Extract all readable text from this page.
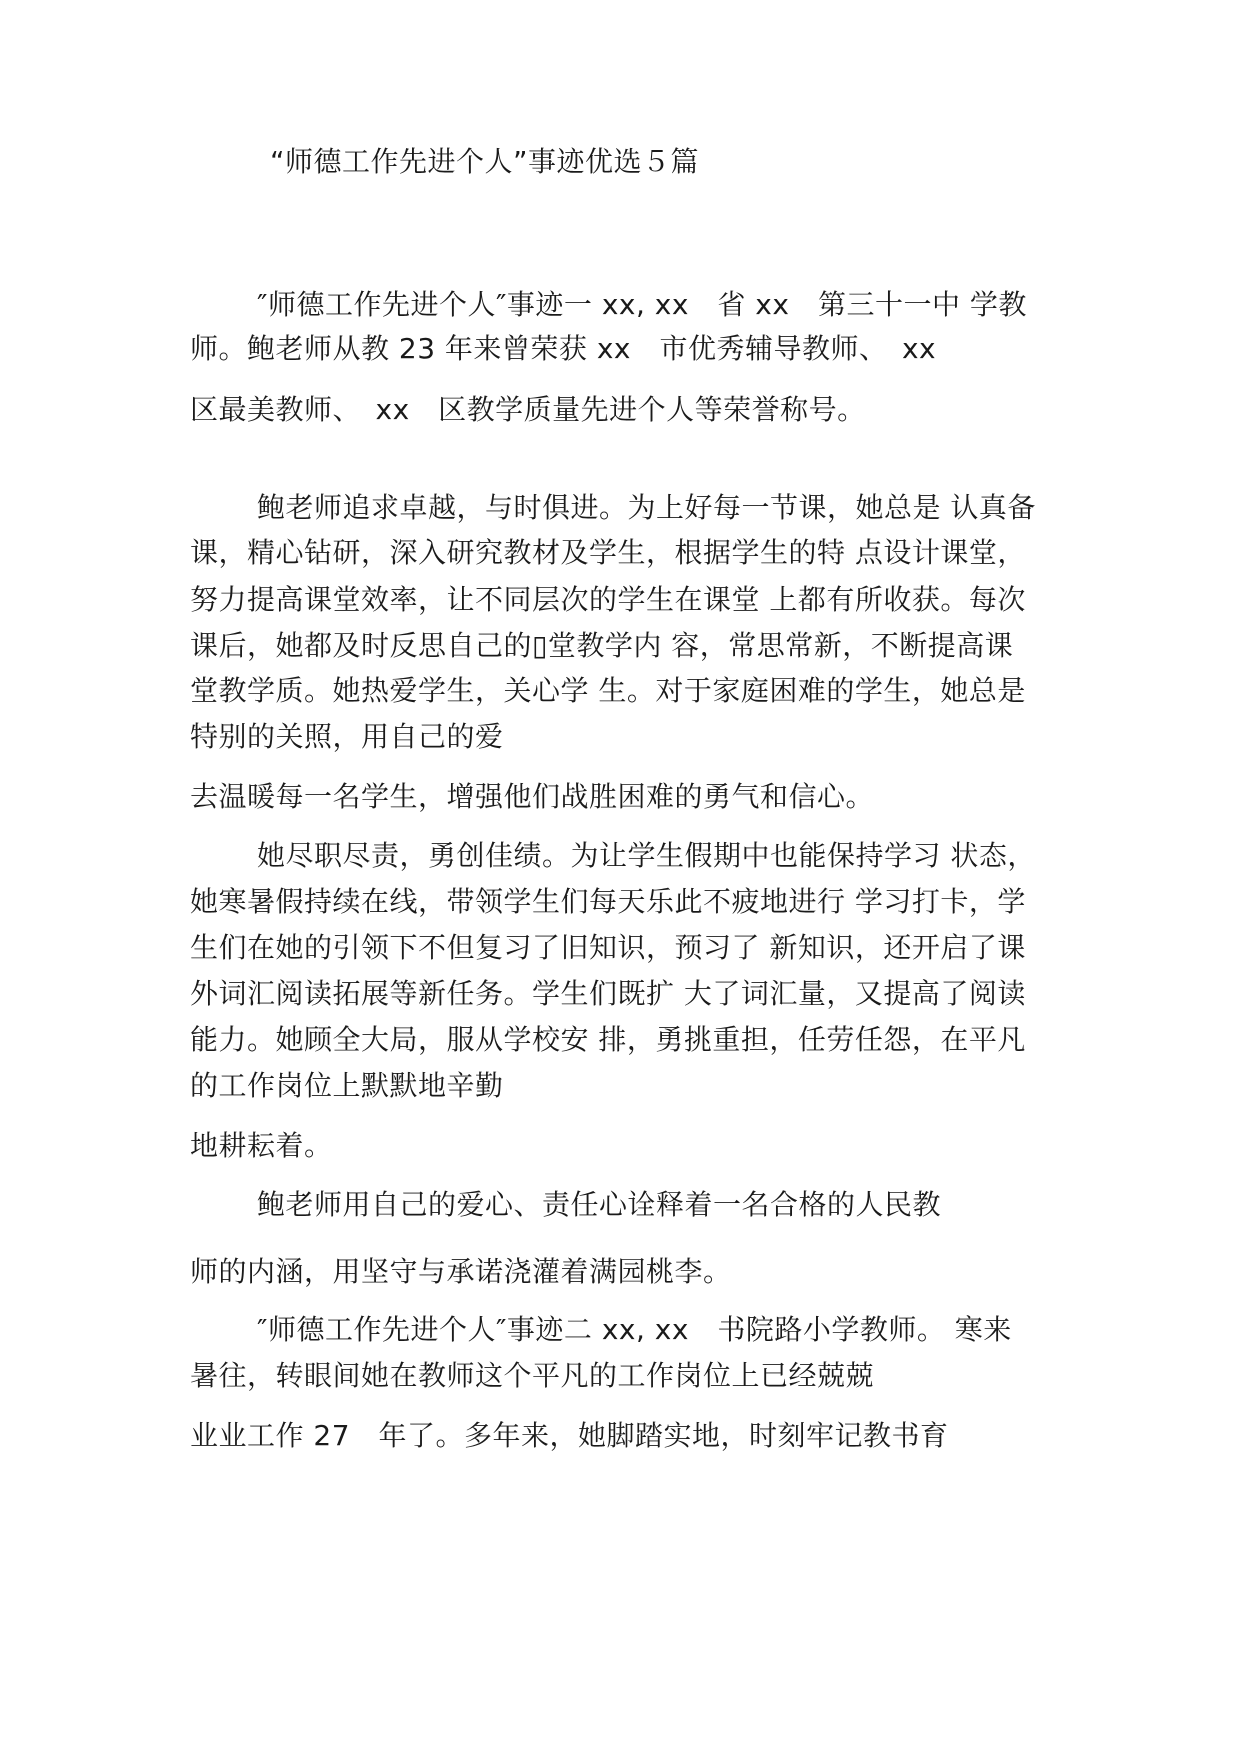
“师德工作先进个人”事迹优选５篇
″师德工作先进个人″事迹一 xx, xx　省 xx　第三十一中 学教
师。鲍老师从教 23 年来曾荣获 xx　市优秀辅导教师、　xx
区最美教师、　xx　区教学质量先进个人等荣誉称号。
鲍老师追求卓越，与时俱进。为上好每一节课，她总是 认真备
课，精心钻研，深入研究教材及学生，根据学生的特 点设计课堂，
努力提高课堂效率，让不同层次的学生在课堂 上都有所收获。每次
课后，她都及时反思自己的▯堂教学内 容，常思常新，不断提高课
堂教学质。她热爱学生，关心学 生。对于家庭困难的学生，她总是
特别的关照，用自己的爱
去温暖每一名学生，增强他们战胜困难的勇气和信心。
她尽职尽责，勇创佳绩。为让学生假期中也能保持学习 状态，
她寒暑假持续在线，带领学生们每天乐此不疲地进行 学习打卡，学
生们在她的引领下不但复习了旧知识，预习了 新知识，还开启了课
外词汇阅读拓展等新任务。学生们既扩 大了词汇量，又提高了阅读
能力。她顾全大局，服从学校安 排，勇挑重担，任劳任怨，在平凡
的工作岗位上默默地辛勤
地耕耘着。
鲍老师用自己的爱心、责任心诠释着一名合格的人民教
师的内涵，用坚守与承诺浇灌着满园桃李。
″师德工作先进个人″事迹二 xx, xx　书院路小学教师。 寒来
暑往，转眼间她在教师这个平凡的工作岗位上已经兢兢
业业工作 27　年了。多年来，她脚踏实地，时刻牢记教书育
